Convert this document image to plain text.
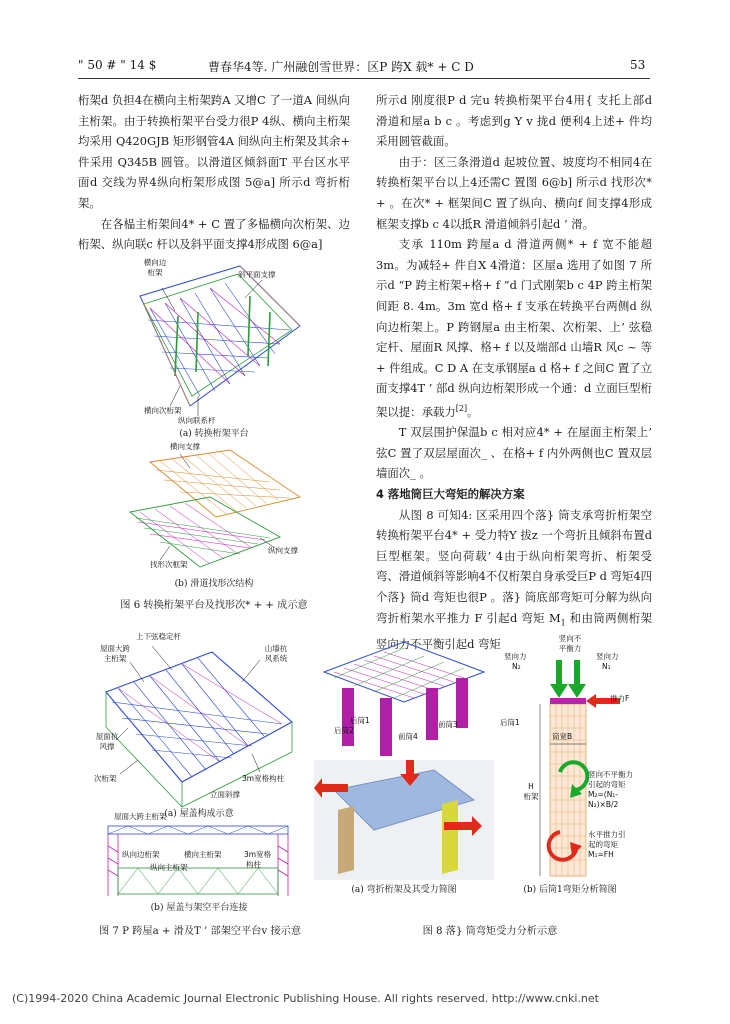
" 50 # " 14 $	曹春华4等. 广州融创雪世界：区P 跨X 载* + C D	53

桁架d 负担4在横向主桁架跨A 又增C 了一道A 间纵向主桁架。由于转换桁架平台受力很P 4纵、横向主桁架均采用 Q420GJB 矩形钢管4A 间纵向主桁架及其余+ 件采用 Q345B 圆管。以滑道区倾斜面T 平台区水平面d 交线为界4纵向桁架形成图 5@a] 所示d 弯折桁架。

在各榀主桁架间4* + C 置了多榀横向次桁架、边桁架、纵向联c 杆以及斜平面支撑4形成图 6@a]

横向边
桁架	斜平面支撑
横向次桁架
纵向联系杆
(a) 转换桁架平台
横向支撑
纵向支撑
找形次框架
(b) 滑道找形次结构
图 6 转换桁架平台及找形次* + + 成示意

所示d 刚度很P d 完u 转换桁架平台4用{ 支托上部d 滑道和屋a b c 。考虑到g Y v 拢d 便利4上述+ 件均采用圆管截面。

由于：区三条滑道d 起坡位置、坡度均不相同4在转换桁架平台以上4还需C 置图 6@b] 所示d 找形次* + 。在次* + 框架间C 置了纵向、横向f 间支撑4形成框架支撑b c 4以抵R 滑道倾斜引起d ’ 滑。

支承 110m 跨屋a d 滑道两侧* + f 宽不能超 3m。为减轻+ 件自X 4滑道：区屋a 选用了如图 7 所示d “P 跨主桁架+格+ f ”d 门式刚架b c 4P 跨主桁架间距 8. 4m。3m 宽d 格+ f 支承在转换平台两侧d 纵向边桁架上。P 跨钢屋a 由主桁架、次桁架、上’ 弦稳定杆、屋面R 风撑、格+ f 以及端部d 山墙R 风c ~ 等+ 件组成。C D A 在支承钢屋a d 格+ f 之间C 置了立面支撑4T ’ 部d 纵向边桁架形成一个通：d 立面巨型桁架以提：承载力[2]。

T 双层围护保温b c 相对应4* + 在屋面主桁架上’ 弦C 置了双层屋面次_ 、在格+ f 内外两侧也C 置双层墙面次_ 。

4 落地筒巨大弯矩的解决方案

从图 8 可知4: 区采用四个落} 筒支承弯折桁架空转换桁架平台4* + 受力特Y 拔z 一个弯折且倾斜布置d 巨型框架。竖向荷载’ 4由于纵向桁架弯折、桁架受弯、滑道倾斜等影响4不仅桁架自身承受巨P d 弯矩4四个落} 筒d 弯矩也很P 。落} 筒底部弯矩可分解为纵向弯折桁架水平推力 F 引起d 弯矩 $M_1$ 和由筒两侧桁架竖向力不平衡引起d 弯矩

上下弦稳定杆
屋面大跨
主桁架
山墙抗
风系统
屋面抗
风撑
次桁架	3m宽格构柱
立面斜撑
(a) 屋盖构成示意
屋面大跨主桁架
纵向边桁架	横向主桁架	3m宽格
构柱
纵向主桁架
(b) 屋盖与架空平台连接
图 7 P 跨屋a + 滑及T ’ 部架空平台v 接示意
后筒2
后筒1
前筒4
前筒3
(a) 弯折桁架及其受力简图
竖向不
平衡力
竖向力
N₂
竖向力
N₁
推力F
后筒1
筒宽B
H
桁架
竖向不平衡力
引起的弯矩
M₂=(N₁-N₂)×B/2
水平推力引
起的弯矩
M₁=FH
(b) 后筒1弯矩分析简图
图 8 落} 筒弯矩受力分析示意
(C)1994-2020 China Academic Journal Electronic Publishing House. All rights reserved. http://www.cnki.net
